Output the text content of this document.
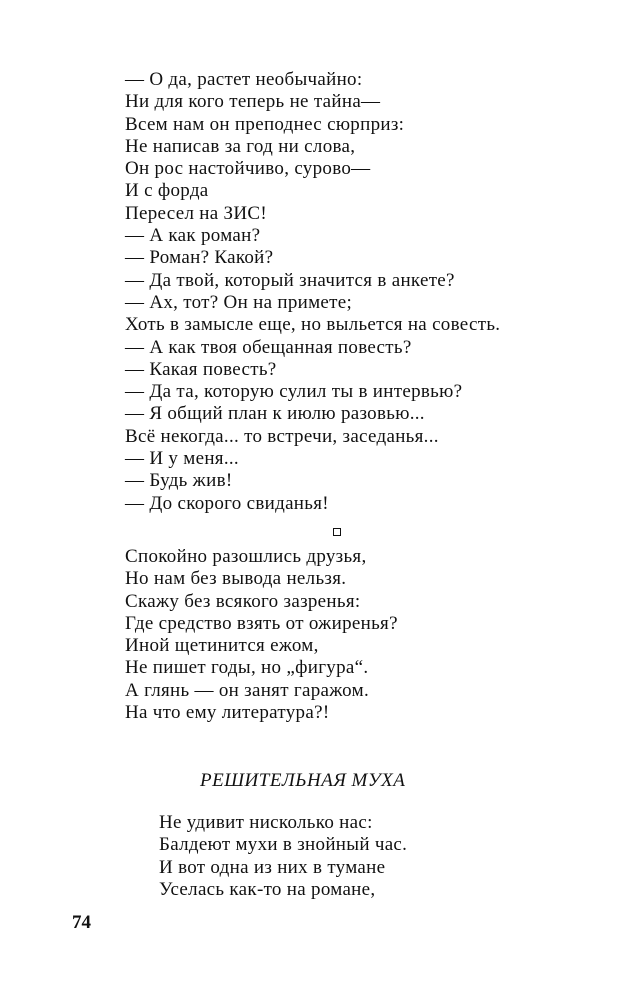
— О да, растет необычайно:
Ни для кого теперь не тайна—
Всем нам он преподнес сюрприз:
Не написав за год ни слова,
Он рос настойчиво, сурово—
И с форда
Пересел на ЗИС!
— А как роман?
— Роман? Какой?
— Да твой, который значится в анкете?
— Ах, тот? Он на примете;
Хоть в замысле еще, но выльется на совесть.
— А как твоя обещанная повесть?
— Какая повесть?
— Да та, которую сулил ты в интервью?
— Я общий план к июлю разовью...
Всё некогда... то встречи, заседанья...
— И у меня...
— Будь жив!
— До скорого свиданья!
Спокойно разошлись друзья,
Но нам без вывода нельзя.
Скажу без всякого зазренья:
Где средство взять от ожиренья?
Иной щетинится ежом,
Не пишет годы, но „фигура“.
А глянь — он занят гаражом.
На что ему литература?!
РЕШИТЕЛЬНАЯ МУХА
Не удивит нисколько нас:
Балдеют мухи в знойный час.
И вот одна из них в тумане
Уселась как-то на романе,
74
